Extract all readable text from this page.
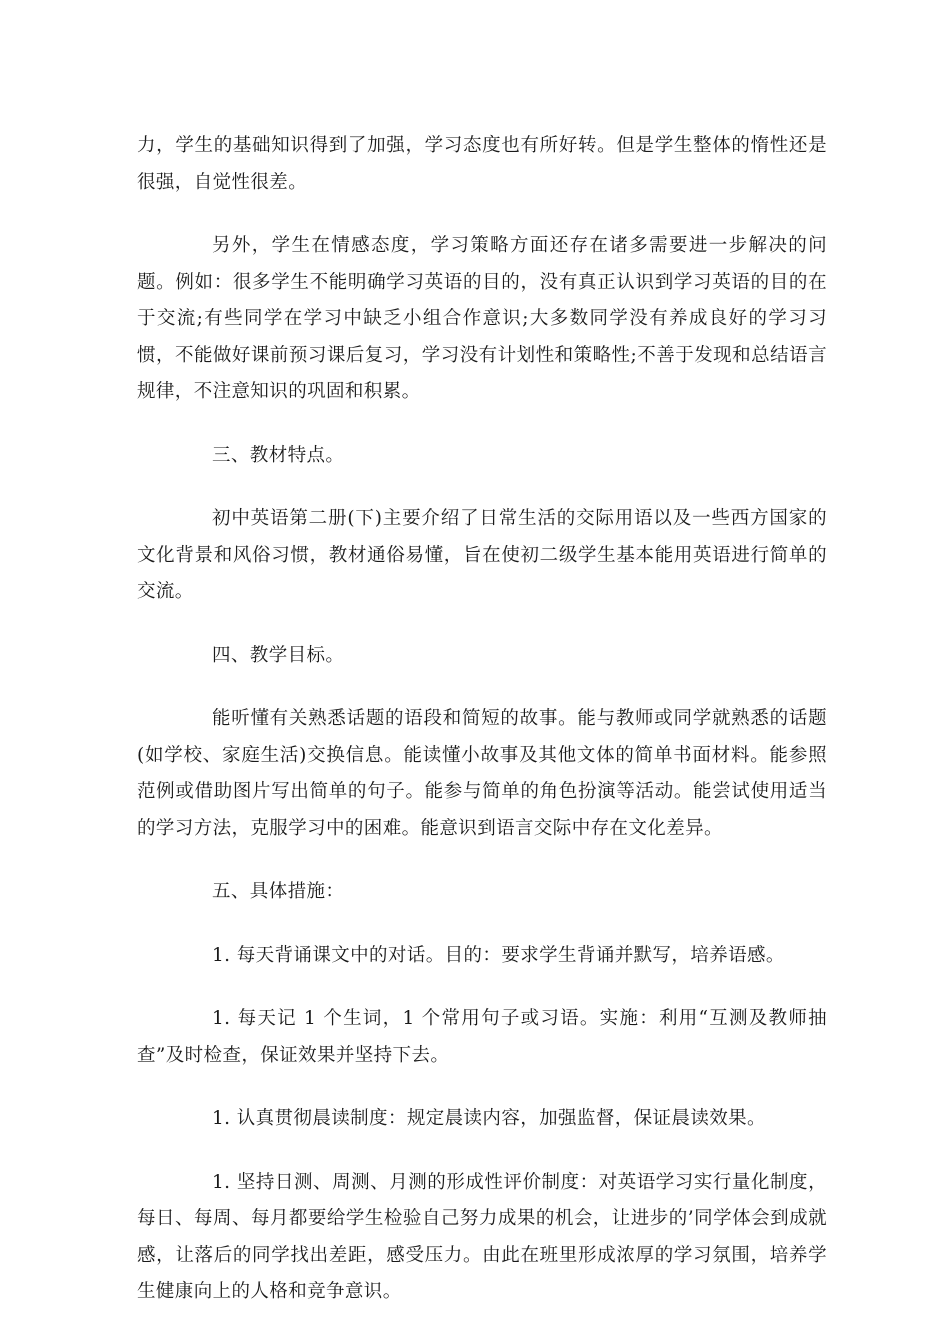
力，学生的基础知识得到了加强，学习态度也有所好转。但是学生整体的惰性还是很强，自觉性很差。

另外，学生在情感态度，学习策略方面还存在诸多需要进一步解决的问题。例如：很多学生不能明确学习英语的目的，没有真正认识到学习英语的目的在于交流;有些同学在学习中缺乏小组合作意识;大多数同学没有养成良好的学习习惯，不能做好课前预习课后复习，学习没有计划性和策略性;不善于发现和总结语言规律，不注意知识的巩固和积累。

三、教材特点。

初中英语第二册(下)主要介绍了日常生活的交际用语以及一些西方国家的文化背景和风俗习惯，教材通俗易懂，旨在使初二级学生基本能用英语进行简单的交流。

四、教学目标。

能听懂有关熟悉话题的语段和简短的故事。能与教师或同学就熟悉的话题(如学校、家庭生活)交换信息。能读懂小故事及其他文体的简单书面材料。能参照范例或借助图片写出简单的句子。能参与简单的角色扮演等活动。能尝试使用适当的学习方法，克服学习中的困难。能意识到语言交际中存在文化差异。

五、具体措施：

1. 每天背诵课文中的对话。目的：要求学生背诵并默写，培养语感。

1. 每天记 1 个生词，1 个常用句子或习语。实施：利用“互测及教师抽查”及时检查，保证效果并坚持下去。

1. 认真贯彻晨读制度：规定晨读内容，加强监督，保证晨读效果。

1. 坚持日测、周测、月测的形成性评价制度：对英语学习实行量化制度，每日、每周、每月都要给学生检验自己努力成果的机会，让进步的’同学体会到成就感，让落后的同学找出差距，感受压力。由此在班里形成浓厚的学习氛围，培养学生健康向上的人格和竞争意识。
